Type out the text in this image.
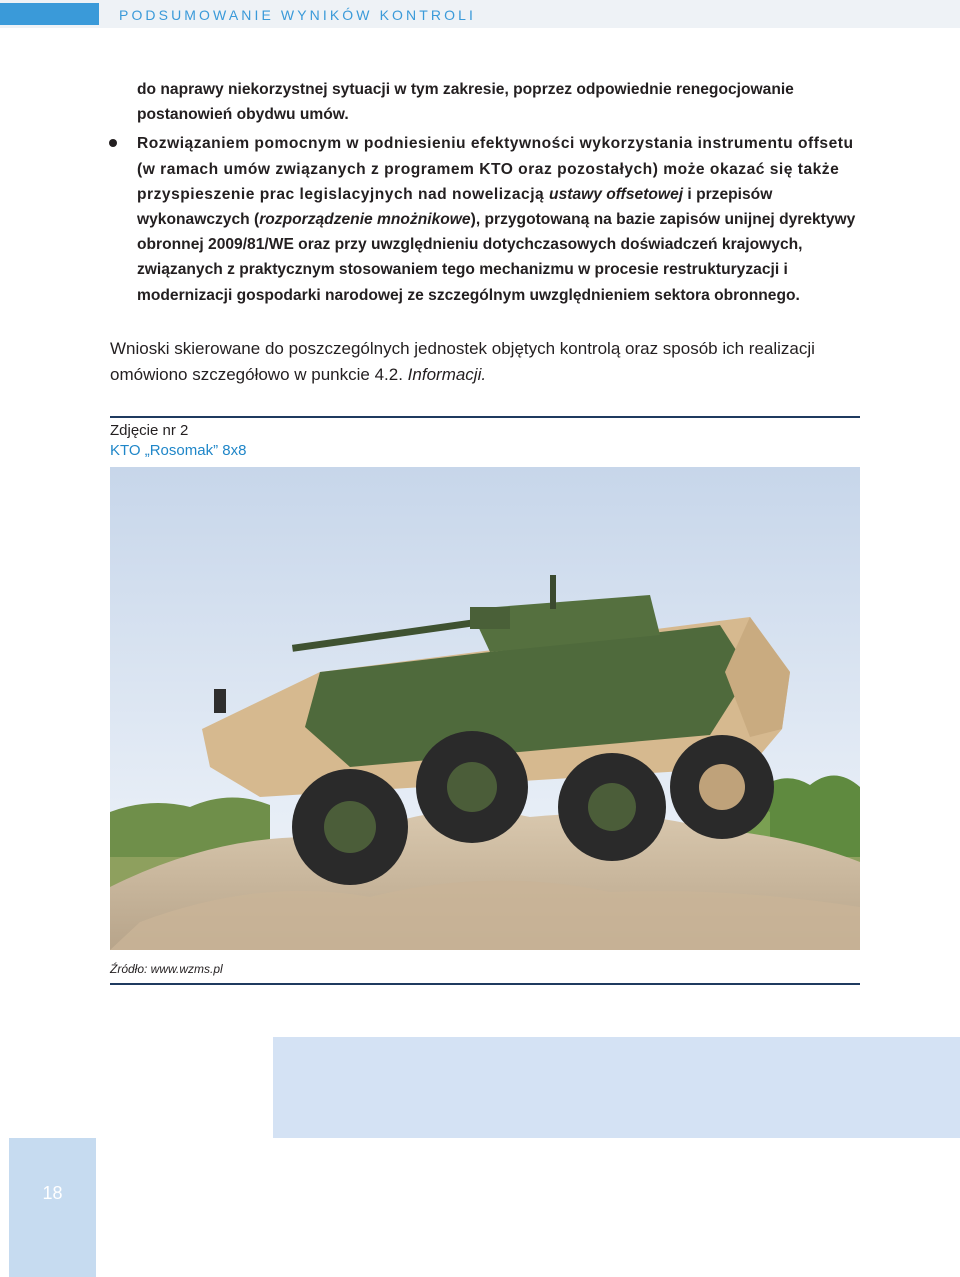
PODSUMOWANIE WYNIKÓW KONTROLI

do naprawy niekorzystnej sytuacji w tym zakresie, poprzez odpowiednie renegocjowanie postanowień obydwu umów.

Rozwiązaniem pomocnym w podniesieniu efektywności wykorzystania instrumentu offsetu (w ramach umów związanych z programem KTO oraz pozostałych) może okazać się także przyspieszenie prac legislacyjnych nad nowelizacją ustawy offsetowej i przepisów wykonawczych (rozporządzenie mnożnikowe), przygotowaną na bazie zapisów unijnej dyrektywy obronnej 2009/81/WE oraz przy uwzględnieniu dotychczasowych doświadczeń krajowych, związanych z praktycznym stosowaniem tego mechanizmu w procesie restrukturyzacji i modernizacji gospodarki narodowej ze szczególnym uwzględnieniem sektora obronnego.
Wnioski skierowane do poszczególnych jednostek objętych kontrolą oraz sposób ich realizacji omówiono szczegółowo w punkcie 4.2. Informacji.
Zdjęcie nr 2
KTO „Rosomak” 8x8
Źródło: www.wzms.pl
18
